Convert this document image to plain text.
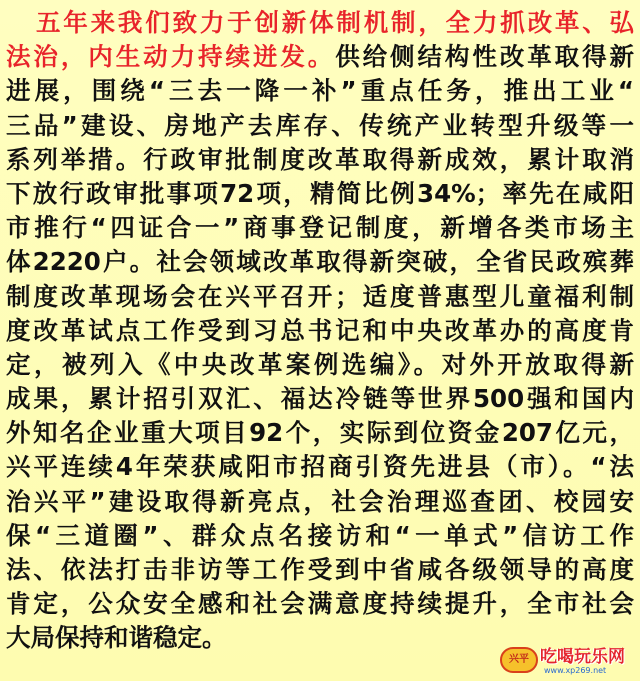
五年来我们致力于创新体制机制，全力抓改革、弘
法治，内生动力持续迸发。供给侧结构性改革取得新
进展，围绕“三去一降一补”重点任务，推出工业“
三品”建设、房地产去库存、传统产业转型升级等一
系列举措。行政审批制度改革取得新成效，累计取消
下放行政审批事项72项，精简比例34%；率先在咸阳
市推行“四证合一”商事登记制度，新增各类市场主
体2220户。社会领域改革取得新突破，全省民政殡葬
制度改革现场会在兴平召开；适度普惠型儿童福利制
度改革试点工作受到习总书记和中央改革办的高度肯
定，被列入《中央改革案例选编》。对外开放取得新
成果，累计招引双汇、福达冷链等世界500强和国内
外知名企业重大项目92个，实际到位资金207亿元，
兴平连续4年荣获咸阳市招商引资先进县（市）。“法
治兴平”建设取得新亮点，社会治理巡查团、校园安
保“三道圈”、群众点名接访和“一单式”信访工作
法、依法打击非访等工作受到中省咸各级领导的高度
肯定，公众安全感和社会满意度持续提升，全市社会
大局保持和谐稳定。
兴平 吃喝玩乐网
www.xp269.net
